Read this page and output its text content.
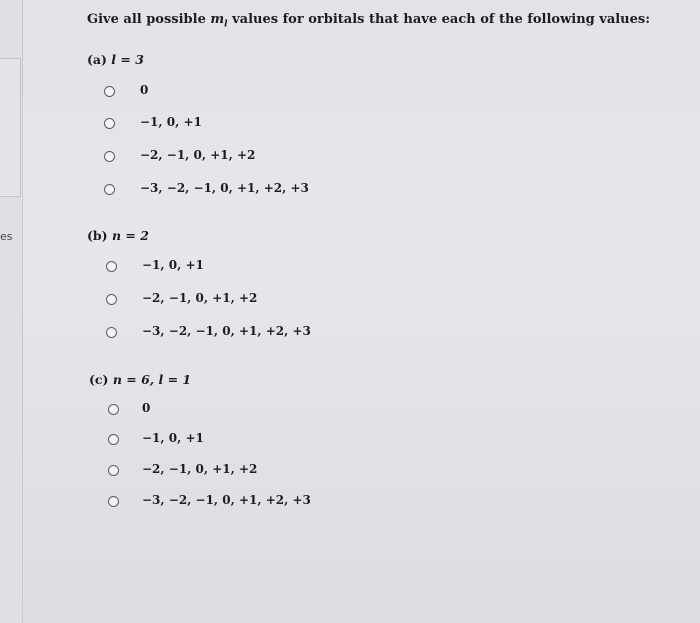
es
Give all possible $m_l$ values for orbitals that have each of the following values:
(a) l = 3
0
−1, 0, +1
−2, −1, 0, +1, +2
−3, −2, −1, 0, +1, +2, +3
(b) n = 2
−1, 0, +1
−2, −1, 0, +1, +2
−3, −2, −1, 0, +1, +2, +3
(c) n = 6, l = 1
0
−1, 0, +1
−2, −1, 0, +1, +2
−3, −2, −1, 0, +1, +2, +3
